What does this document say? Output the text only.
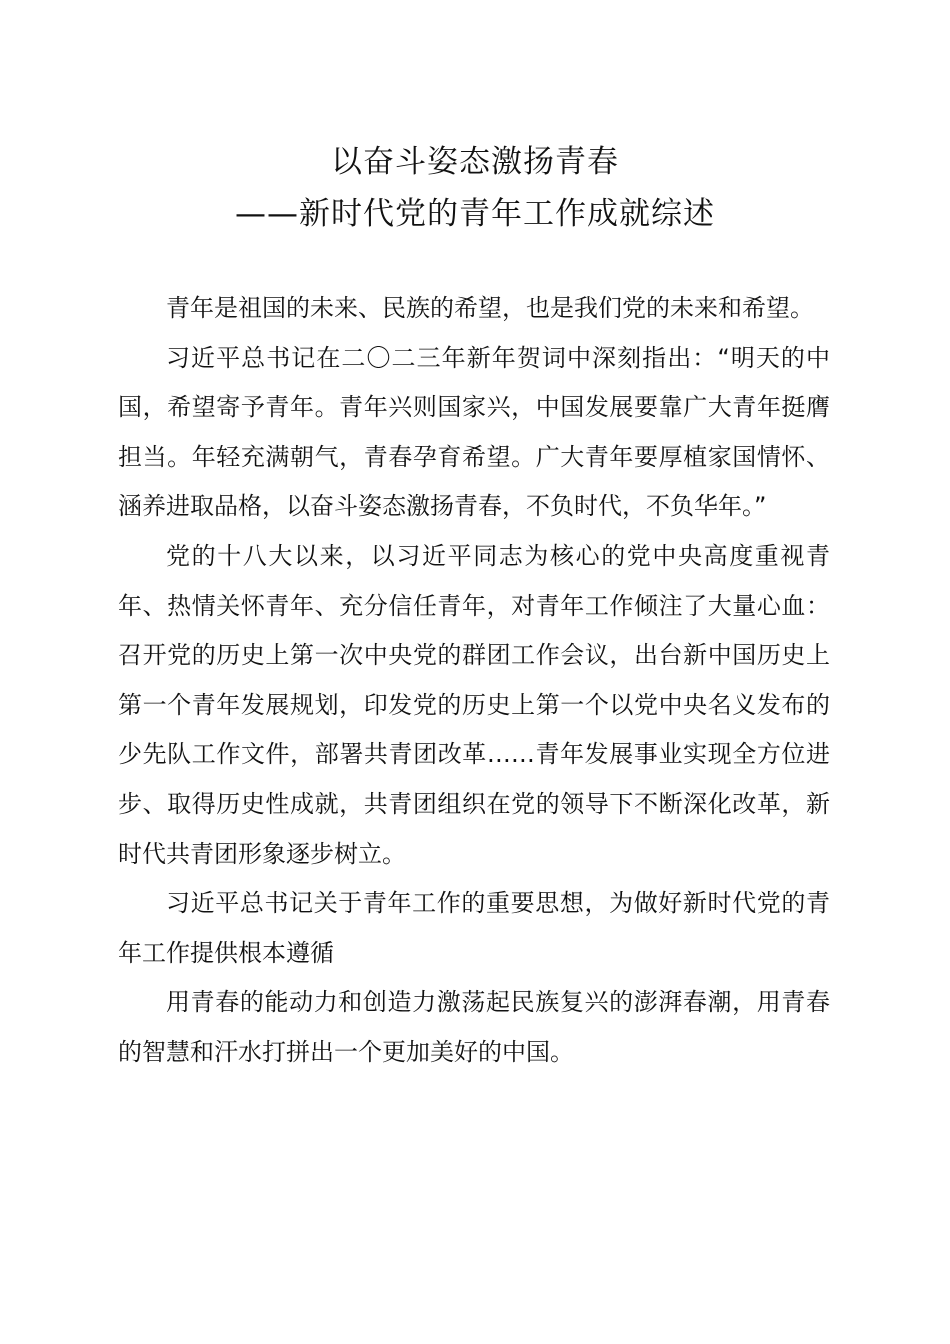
以奋斗姿态激扬青春
——新时代党的青年工作成就综述

青年是祖国的未来、民族的希望，也是我们党的未来和希望。

习近平总书记在二〇二三年新年贺词中深刻指出：“明天的中国，希望寄予青年。青年兴则国家兴，中国发展要靠广大青年挺膺担当。年轻充满朝气，青春孕育希望。广大青年要厚植家国情怀、涵养进取品格，以奋斗姿态激扬青春，不负时代，不负华年。”

党的十八大以来，以习近平同志为核心的党中央高度重视青年、热情关怀青年、充分信任青年，对青年工作倾注了大量心血：召开党的历史上第一次中央党的群团工作会议，出台新中国历史上第一个青年发展规划，印发党的历史上第一个以党中央名义发布的少先队工作文件，部署共青团改革……青年发展事业实现全方位进步、取得历史性成就，共青团组织在党的领导下不断深化改革，新时代共青团形象逐步树立。

习近平总书记关于青年工作的重要思想，为做好新时代党的青年工作提供根本遵循

用青春的能动力和创造力激荡起民族复兴的澎湃春潮，用青春的智慧和汗水打拼出一个更加美好的中国。
